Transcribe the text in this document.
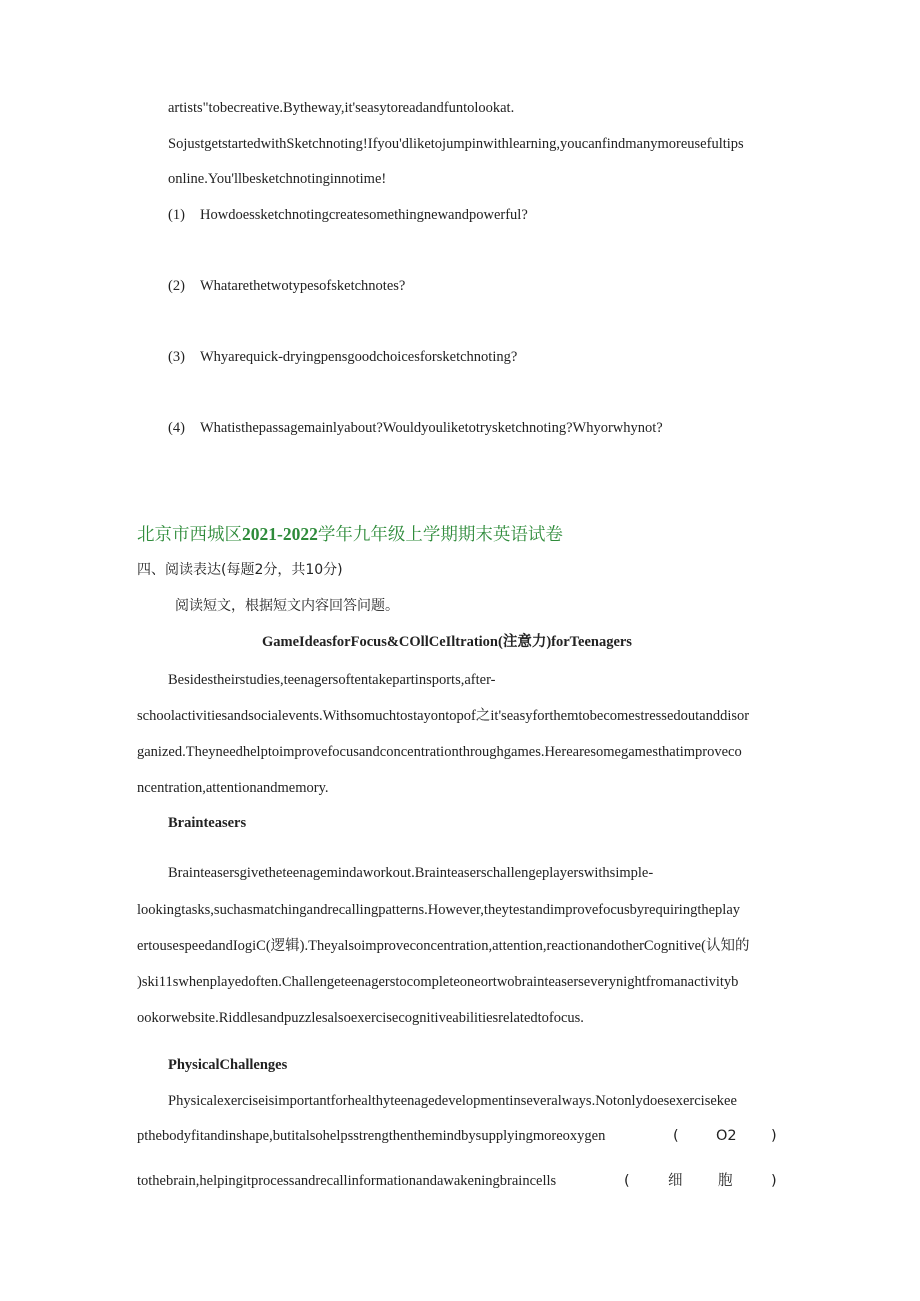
artists"tobecreative.Bytheway,it'seasytoreadandfuntolookat.
SojustgetstartedwithSketchnoting!Ifyou'dliketojumpinwithlearning,youcanfindmanymoreusefultips
online.You'llbesketchnotinginnotime!
(1) Howdoessketchnotingcreatesomethingnewandpowerful?
(2) Whatarethetwotypesofsketchnotes?
(3) Whyarequick-dryingpensgoodchoicesforsketchnoting?
(4) Whatisthepassagemainlyabout?Wouldyouliketotrysketchnoting?Whyorwhynot?
北京市西城区2021-2022学年九年级上学期期末英语试卷
四、阅读表达(每题2分，共10分)
阅读短文，根据短文内容回答问题。
GameIdeasforFocus&COllCeIltration(注意力)forTeenagers
Besidestheirstudies,teenagersoftentakepartinsports,after-
schoolactivitiesandsocialevents.Withsomuchtostayontopof之it'seasyforthemtobecomestressedoutanddisor
ganized.Theyneedhelptoimprovefocusandconcentrationthroughgames.Herearesomegamesthatimproveco
ncentration,attentionandmemory.
Brainteasers
Brainteasersgivetheteenagemindaworkout.Brainteaserschallengeplayerswithsimple-
lookingtasks,suchasmatchingandrecallingpatterns.However,theytestandimprovefocusbyrequiringtheplay
ertousespeedandIogiC(逻辑).Theyalsoimproveconcentration,attention,reactionandotherCognitive(认知的
)ski11swhenplayedoften.Challengeteenagerstocompleteoneortwobrainteaserseverynightfromanactivityb
ookorwebsite.Riddlesandpuzzlesalsoexercisecognitiveabilitiesrelatedtofocus.
PhysicalChallenges
Physicalexerciseisimportantforhealthyteenagedevelopmentinseveralways.Notonlydoesexercisekee
pthebodyfitandinshape,butitalsohelpsstrengthenthemindbysupplyingmoreoxygen	(	O2 )
tothebrain,helpingitprocessandrecallinformationandawakeningbraincells	(	细 胞	)
